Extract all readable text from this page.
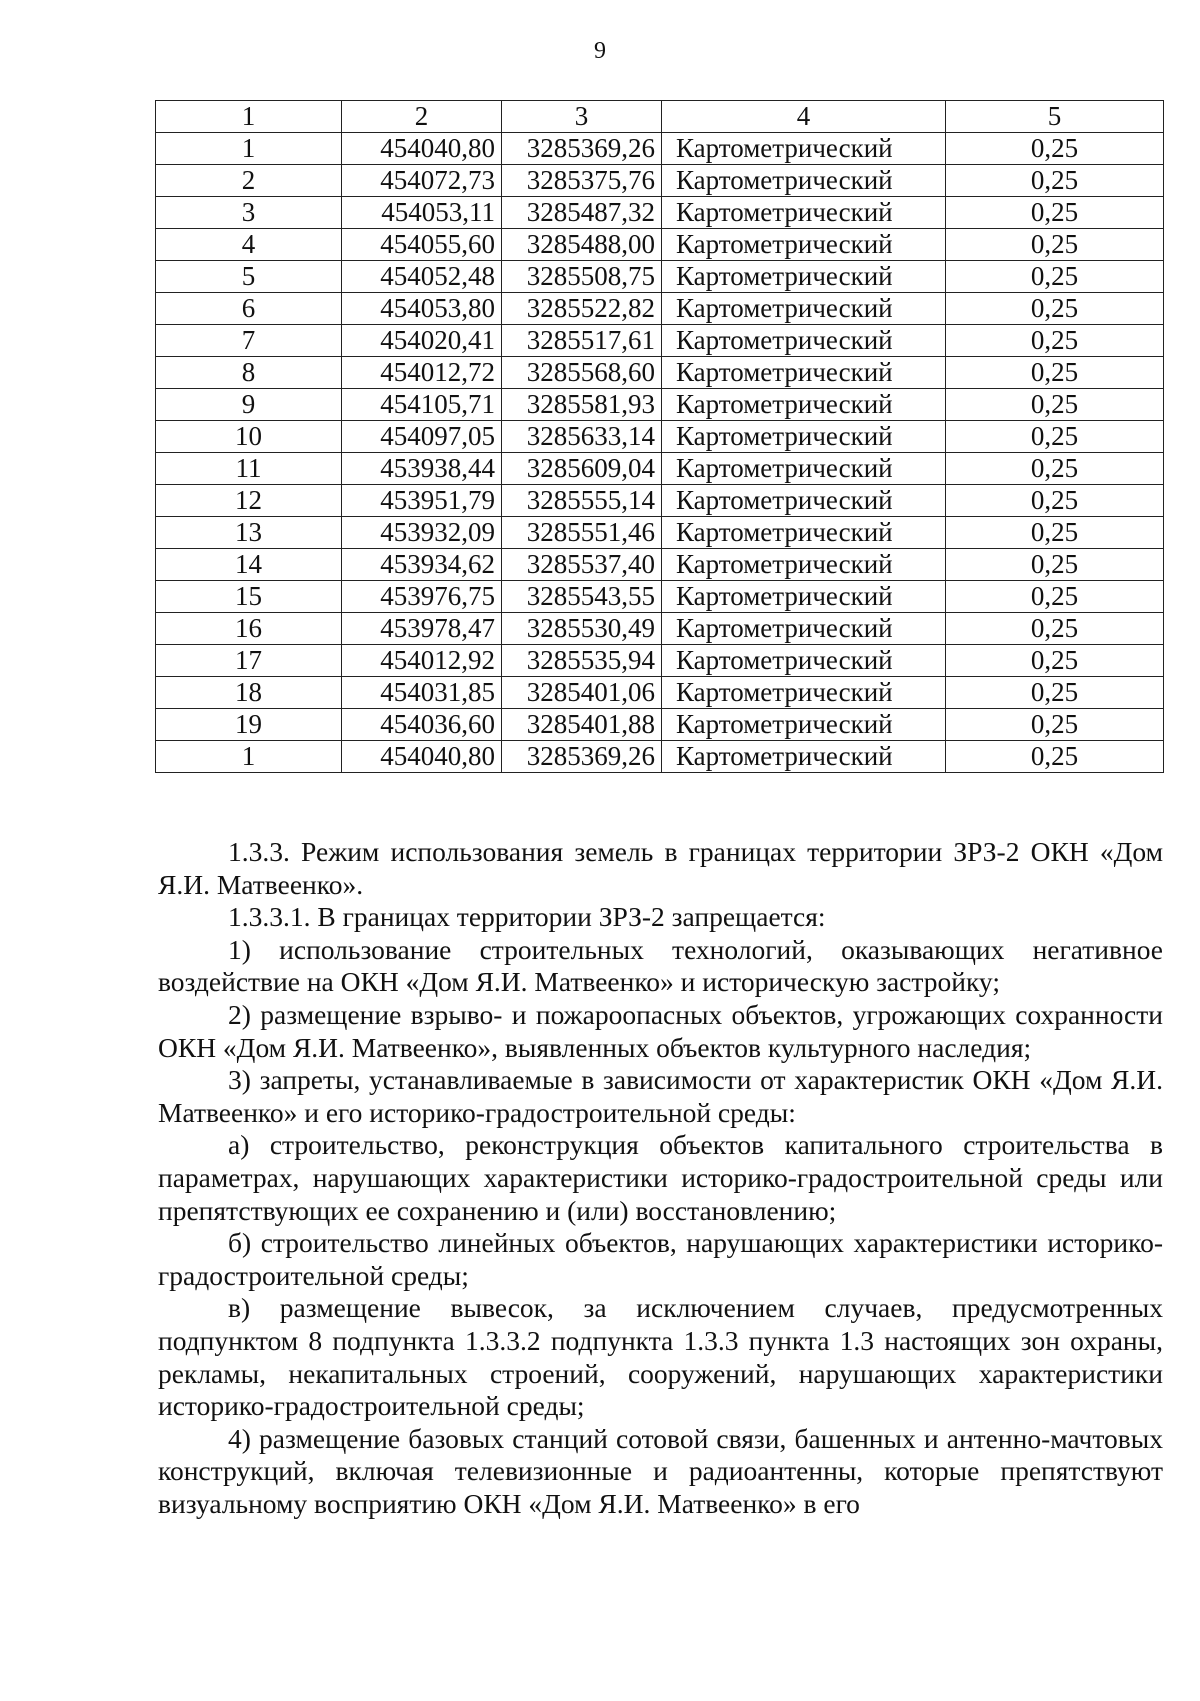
9
1	2	3	4	5
1	454040,80	3285369,26	Картометрический	0,25
2	454072,73	3285375,76	Картометрический	0,25
3	454053,11	3285487,32	Картометрический	0,25
4	454055,60	3285488,00	Картометрический	0,25
5	454052,48	3285508,75	Картометрический	0,25
6	454053,80	3285522,82	Картометрический	0,25
7	454020,41	3285517,61	Картометрический	0,25
8	454012,72	3285568,60	Картометрический	0,25
9	454105,71	3285581,93	Картометрический	0,25
10	454097,05	3285633,14	Картометрический	0,25
11	453938,44	3285609,04	Картометрический	0,25
12	453951,79	3285555,14	Картометрический	0,25
13	453932,09	3285551,46	Картометрический	0,25
14	453934,62	3285537,40	Картометрический	0,25
15	453976,75	3285543,55	Картометрический	0,25
16	453978,47	3285530,49	Картометрический	0,25
17	454012,92	3285535,94	Картометрический	0,25
18	454031,85	3285401,06	Картометрический	0,25
19	454036,60	3285401,88	Картометрический	0,25
1	454040,80	3285369,26	Картометрический	0,25

1.3.3. Режим использования земель в границах территории ЗРЗ-2 ОКН «Дом Я.И. Матвеенко».

1.3.3.1. В границах территории ЗРЗ-2 запрещается:

1) использование строительных технологий, оказывающих негативное воздействие на ОКН «Дом Я.И. Матвеенко» и историческую застройку;

2) размещение взрыво- и пожароопасных объектов, угрожающих сохранности ОКН «Дом Я.И. Матвеенко», выявленных объектов культурного наследия;

3) запреты, устанавливаемые в зависимости от характеристик ОКН «Дом Я.И. Матвеенко» и его историко-градостроительной среды:

а) строительство, реконструкция объектов капитального строительства в параметрах, нарушающих характеристики историко-градостроительной среды или препятствующих ее сохранению и (или) восстановлению;

б) строительство линейных объектов, нарушающих характеристики историко-градостроительной среды;

в) размещение вывесок, за исключением случаев, предусмотренных подпунктом 8 подпункта 1.3.3.2 подпункта 1.3.3 пункта 1.3 настоящих зон охраны, рекламы, некапитальных строений, сооружений, нарушающих характеристики историко-градостроительной среды;

4) размещение базовых станций сотовой связи, башенных и антенно-мачтовых конструкций, включая телевизионные и радиоантенны, которые препятствуют визуальному восприятию ОКН «Дом Я.И. Матвеенко» в его
